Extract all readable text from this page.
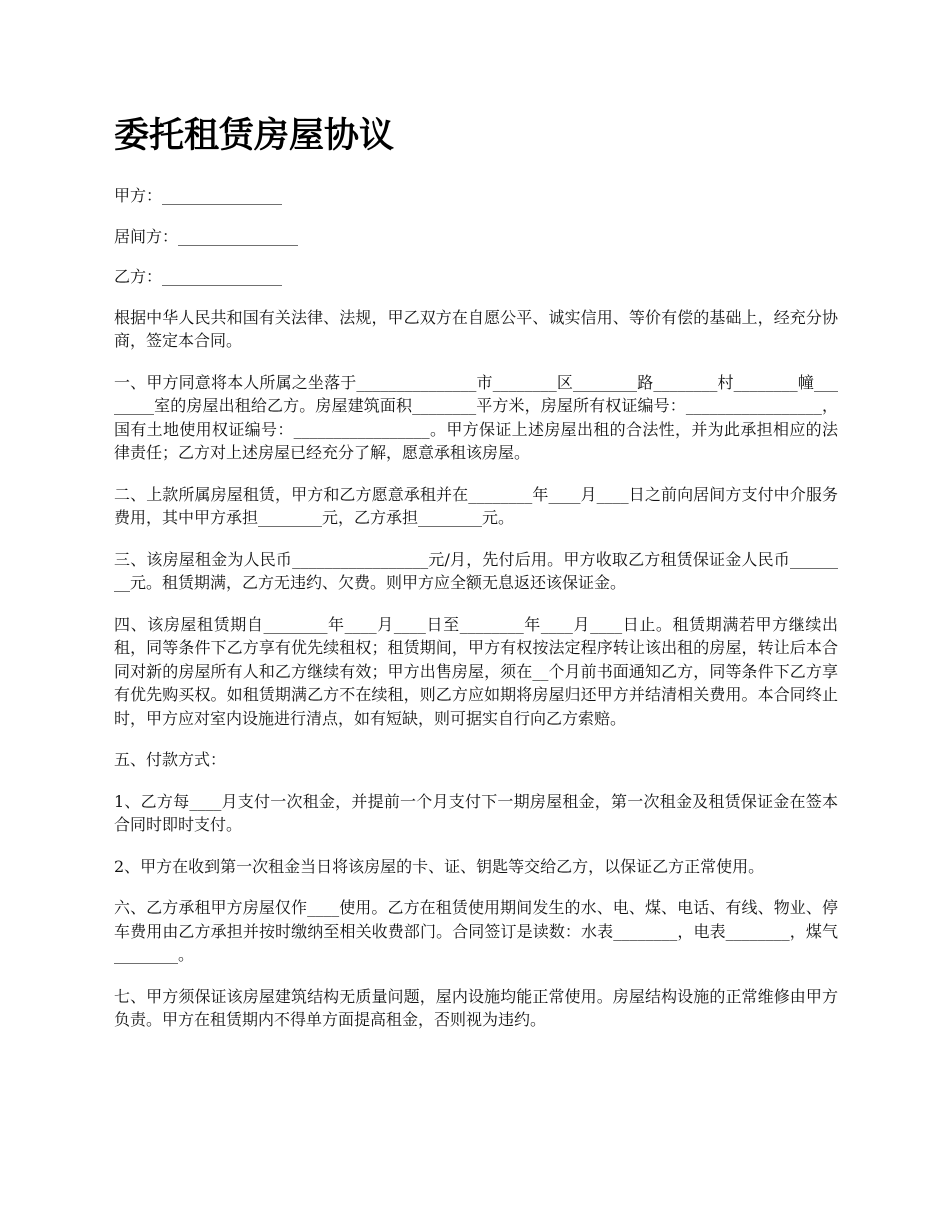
委托租赁房屋协议

甲方：_______________

居间方：_______________

乙方：_______________

根据中华人民共和国有关法律、法规，甲乙双方在自愿公平、诚实信用、等价有偿的基础上，经充分协商，签定本合同。

一、甲方同意将本人所属之坐落于_______________市________区________路________村________幢________室的房屋出租给乙方。房屋建筑面积________平方米，房屋所有权证编号：_________________，国有土地使用权证编号：_________________。甲方保证上述房屋出租的合法性，并为此承担相应的法律责任；乙方对上述房屋已经充分了解，愿意承租该房屋。

二、上款所属房屋租赁，甲方和乙方愿意承租并在________年____月____日之前向居间方支付中介服务费用，其中甲方承担________元，乙方承担________元。

三、该房屋租金为人民币_________________元/月，先付后用。甲方收取乙方租赁保证金人民币________元。租赁期满，乙方无违约、欠费。则甲方应全额无息返还该保证金。

四、该房屋租赁期自________年____月____日至________年____月____日止。租赁期满若甲方继续出租，同等条件下乙方享有优先续租权；租赁期间，甲方有权按法定程序转让该出租的房屋，转让后本合同对新的房屋所有人和乙方继续有效；甲方出售房屋，须在__个月前书面通知乙方，同等条件下乙方享有优先购买权。如租赁期满乙方不在续租，则乙方应如期将房屋归还甲方并结清相关费用。本合同终止时，甲方应对室内设施进行清点，如有短缺，则可据实自行向乙方索赔。

五、付款方式：

1、乙方每____月支付一次租金，并提前一个月支付下一期房屋租金，第一次租金及租赁保证金在签本合同时即时支付。

2、甲方在收到第一次租金当日将该房屋的卡、证、钥匙等交给乙方，以保证乙方正常使用。

六、乙方承租甲方房屋仅作____使用。乙方在租赁使用期间发生的水、电、煤、电话、有线、物业、停车费用由乙方承担并按时缴纳至相关收费部门。合同签订是读数：水表________，电表________，煤气________。

七、甲方须保证该房屋建筑结构无质量问题，屋内设施均能正常使用。房屋结构设施的正常维修由甲方负责。甲方在租赁期内不得单方面提高租金，否则视为违约。
